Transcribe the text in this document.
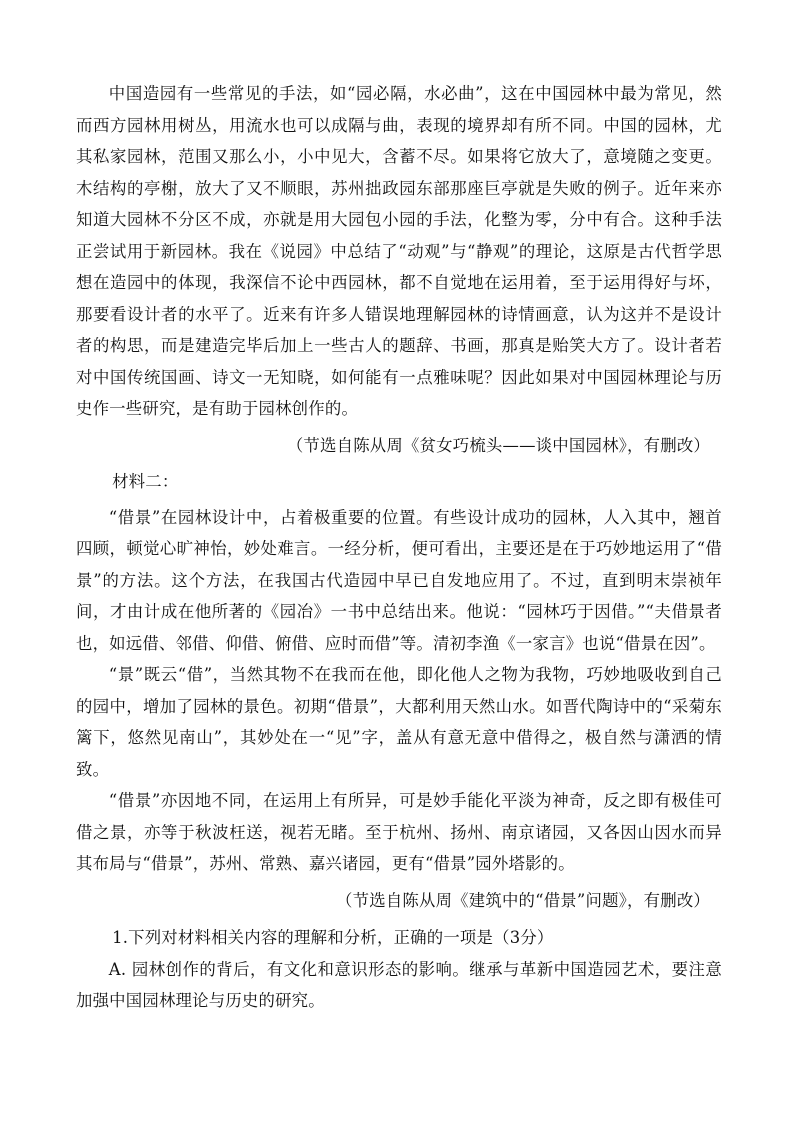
中国造园有一些常见的手法，如“园必隔，水必曲”，这在中国园林中最为常见，然而西方园林用树丛，用流水也可以成隔与曲，表现的境界却有所不同。中国的园林，尤其私家园林，范围又那么小，小中见大，含蓄不尽。如果将它放大了，意境随之变更。木结构的亭榭，放大了又不顺眼，苏州拙政园东部那座巨亭就是失败的例子。近年来亦知道大园林不分区不成，亦就是用大园包小园的手法，化整为零，分中有合。这种手法正尝试用于新园林。我在《说园》中总结了“动观”与“静观”的理论，这原是古代哲学思想在造园中的体现，我深信不论中西园林，都不自觉地在运用着，至于运用得好与坏，那要看设计者的水平了。近来有许多人错误地理解园林的诗情画意，认为这并不是设计者的构思，而是建造完毕后加上一些古人的题辞、书画，那真是贻笑大方了。设计者若对中国传统国画、诗文一无知晓，如何能有一点雅味呢？因此如果对中国园林理论与历史作一些研究，是有助于园林创作的。

（节选自陈从周《贫女巧梳头——谈中国园林》，有删改）

材料二：

“借景”在园林设计中，占着极重要的位置。有些设计成功的园林，人入其中，翘首四顾，顿觉心旷神怡，妙处难言。一经分析，便可看出，主要还是在于巧妙地运用了“借景”的方法。这个方法，在我国古代造园中早已自发地应用了。不过，直到明末崇祯年间，才由计成在他所著的《园冶》一书中总结出来。他说：“园林巧于因借。”“夫借景者也，如远借、邻借、仰借、俯借、应时而借”等。清初李渔《一家言》也说“借景在因”。

“景”既云“借”，当然其物不在我而在他，即化他人之物为我物，巧妙地吸收到自己的园中，增加了园林的景色。初期“借景”，大都利用天然山水。如晋代陶诗中的“采菊东篱下，悠然见南山”，其妙处在一“见”字，盖从有意无意中借得之，极自然与潇洒的情致。

“借景”亦因地不同，在运用上有所异，可是妙手能化平淡为神奇，反之即有极佳可借之景，亦等于秋波枉送，视若无睹。至于杭州、扬州、南京诸园，又各因山因水而异其布局与“借景”，苏州、常熟、嘉兴诸园，更有“借景”园外塔影的。

（节选自陈从周《建筑中的“借景”问题》，有删改）

1.下列对材料相关内容的理解和分析，正确的一项是（3分）

A. 园林创作的背后，有文化和意识形态的影响。继承与革新中国造园艺术，要注意加强中国园林理论与历史的研究。
